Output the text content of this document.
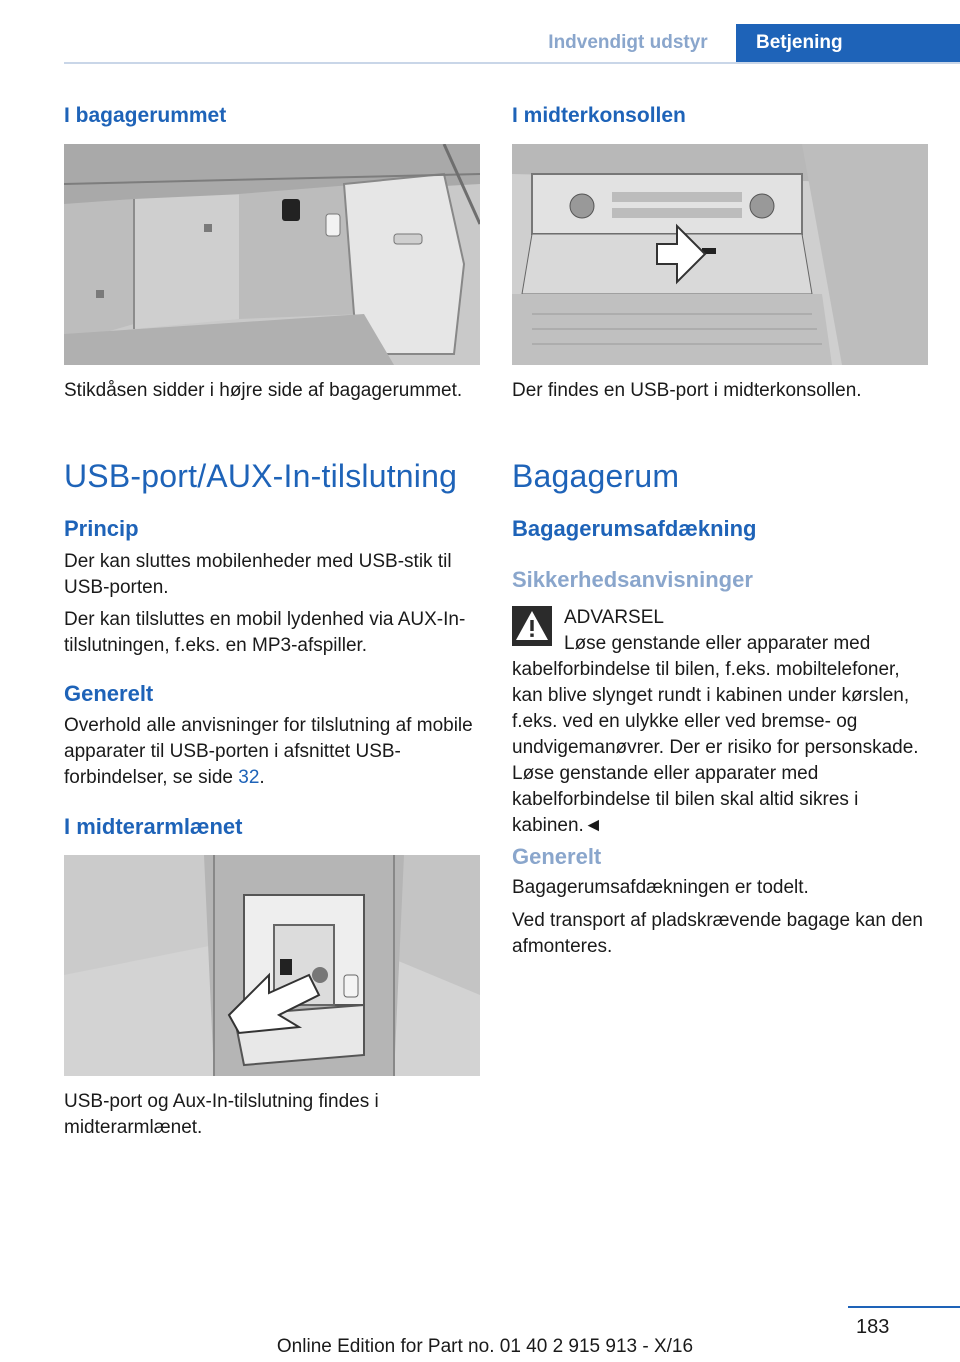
Indvendigt udstyr	Betjening
I bagagerummet
Stikdåsen sidder i højre side af bagagerummet.
USB-port/AUX-In-tilslutning
Princip
Der kan sluttes mobilenheder med USB-stik til USB-porten.
Der kan tilsluttes en mobil lydenhed via AUX-In-tilslutningen, f.eks. en MP3-afspiller.
Generelt
Overhold alle anvisninger for tilslutning af mobile apparater til USB-porten i afsnittet USB-forbindelser, se side 32.
I midterarmlænet
USB-port og Aux-In-tilslutning findes i midterarmlænet.
I midterkonsollen
Der findes en USB-port i midterkonsollen.
Bagagerum
Bagagerumsafdækning
Sikkerhedsanvisninger
ADVARSEL
Løse genstande eller apparater med kabelforbindelse til bilen, f.eks. mobiltelefoner, kan blive slynget rundt i kabinen under kørslen, f.eks. ved en ulykke eller ved bremse- og undvigemanøvrer. Der er risiko for personskade. Løse genstande eller apparater med kabelforbindelse til bilen skal altid sikres i kabinen.◄
Generelt
Bagagerumsafdækningen er todelt.
Ved transport af pladskrævende bagage kan den afmonteres.
183
Online Edition for Part no. 01 40 2 915 913 - X/16
